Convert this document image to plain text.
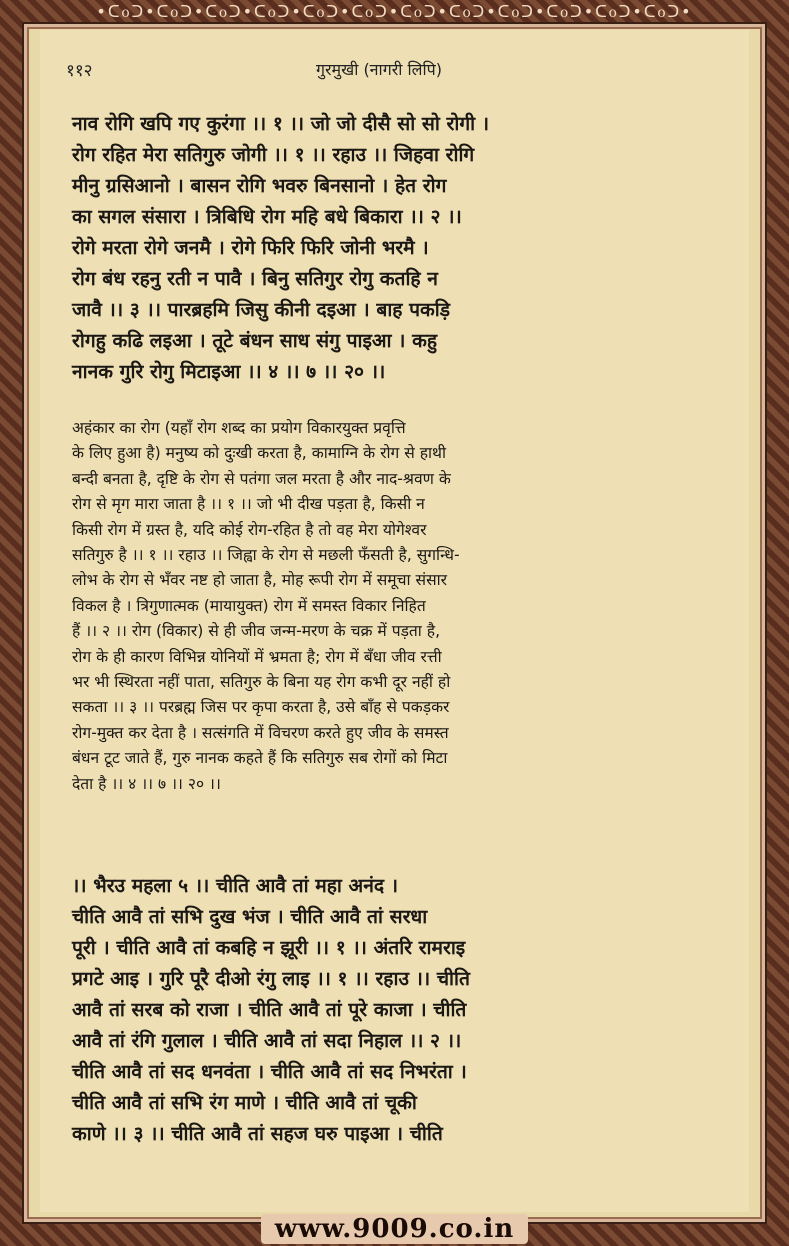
•ᑕ᧐ᑐ•ᑕ᧐ᑐ•ᑕ᧐ᑐ•ᑕ᧐ᑐ•ᑕ᧐ᑐ•ᑕ᧐ᑐ•ᑕ᧐ᑐ•ᑕ᧐ᑐ•ᑕ᧐ᑐ•ᑕ᧐ᑐ•ᑕ᧐ᑐ•ᑕ᧐ᑐ•
११२	गुरमुखी (नागरी लिपि)
नाव रोगि खपि गए कुरंगा ।। १ ।। जो जो दीसै सो सो रोगी ।
रोग रहित मेरा सतिगुरु जोगी ।। १ ।। रहाउ ।। जिहवा रोगि
मीनु ग्रसिआनो । बासन रोगि भवरु बिनसानो । हेत रोग
का सगल संसारा । त्रिबिधि रोग महि बधे बिकारा ।। २ ।।
रोगे मरता रोगे जनमै । रोगे फिरि फिरि जोनी भरमै ।
रोग बंध रहनु रती न पावै । बिनु सतिगुर रोगु कतहि न
जावै ।। ३ ।। पारब्रहमि जिसु कीनी दइआ । बाह पकड़ि
रोगहु कढि लइआ । तूटे बंधन साध संगु पाइआ । कहु
नानक गुरि रोगु मिटाइआ ।। ४ ।। ७ ।। २० ।।
अहंकार का रोग (यहाँ रोग शब्द का प्रयोग विकारयुक्त प्रवृत्ति
के लिए हुआ है) मनुष्य को दुःखी करता है, कामाग्नि के रोग से हाथी
बन्दी बनता है, दृष्टि के रोग से पतंगा जल मरता है और नाद-श्रवण के
रोग से मृग मारा जाता है ।। १ ।। जो भी दीख पड़ता है, किसी न
किसी रोग में ग्रस्त है, यदि कोई रोग-रहित है तो वह मेरा योगेश्वर
सतिगुरु है ।। १ ।। रहाउ ।। जिह्वा के रोग से मछली फँसती है, सुगन्धि-
लोभ के रोग से भँवर नष्ट हो जाता है, मोह रूपी रोग में समूचा संसार
विकल है । त्रिगुणात्मक (मायायुक्त) रोग में समस्त विकार निहित
हैं ।। २ ।। रोग (विकार) से ही जीव जन्म-मरण के चक्र में पड़ता है,
रोग के ही कारण विभिन्न योनियों में भ्रमता है; रोग में बँधा जीव रत्ती
भर भी स्थिरता नहीं पाता, सतिगुरु के बिना यह रोग कभी दूर नहीं हो
सकता ।। ३ ।। परब्रह्म जिस पर कृपा करता है, उसे बाँह से पकड़कर
रोग-मुक्त कर देता है । सत्संगति में विचरण करते हुए जीव के समस्त
बंधन टूट जाते हैं, गुरु नानक कहते हैं कि सतिगुरु सब रोगों को मिटा
देता है ।। ४ ।। ७ ।। २० ।।
।। भैरउ महला ५ ।। चीति आवै तां महा अनंद ।
चीति आवै तां सभि दुख भंज । चीति आवै तां सरधा
पूरी । चीति आवै तां कबहि न झूरी ।। १ ।। अंतरि रामराइ
प्रगटे आइ । गुरि पूरै दीओ रंगु लाइ ।। १ ।। रहाउ ।। चीति
आवै तां सरब को राजा । चीति आवै तां पूरे काजा । चीति
आवै तां रंगि गुलाल । चीति आवै तां सदा निहाल ।। २ ।।
चीति आवै तां सद धनवंता । चीति आवै तां सद निभरंता ।
चीति आवै तां सभि रंग माणे । चीति आवै तां चूकी
काणे ।। ३ ।। चीति आवै तां सहज घरु पाइआ । चीति
www.9009.co.in
